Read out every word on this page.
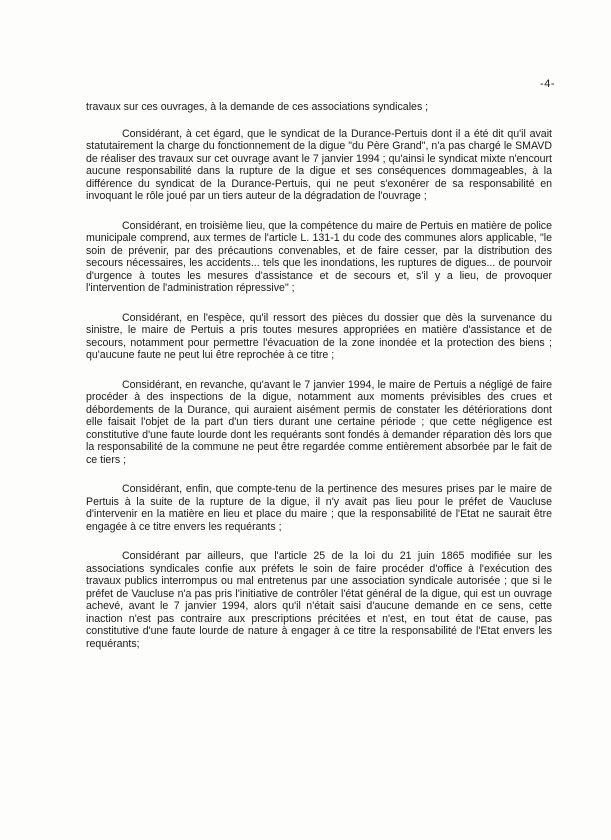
-4-

travaux sur ces ouvrages, à la demande de ces associations syndicales ;

Considérant, à cet égard, que le syndicat de la Durance-Pertuis dont il a été dit qu'il avait statutairement la charge du fonctionnement de la digue "du Père Grand", n'a pas chargé le SMAVD de réaliser des travaux sur cet ouvrage avant le 7 janvier 1994 ; qu'ainsi le syndicat mixte n'encourt aucune responsabilité dans la rupture de la digue et ses conséquences dommageables, à la différence du syndicat de la Durance-Pertuis, qui ne peut s'exonérer de sa responsabilité en invoquant le rôle joué par un tiers auteur de la dégradation de l'ouvrage ;

Considérant, en troisième lieu, que la compétence du maire de Pertuis en matière de police municipale comprend, aux termes de l'article L. 131-1 du code des communes alors applicable, "le soin de prévenir, par des précautions convenables, et de faire cesser, par la distribution des secours nécessaires, les accidents... tels que les inondations, les ruptures de digues... de pourvoir d'urgence à toutes les mesures d'assistance et de secours et, s'il y a lieu, de provoquer l'intervention de l'administration répressive" ;

Considérant, en l'espèce, qu'il ressort des pièces du dossier que dès la survenance du sinistre, le maire de Pertuis a pris toutes mesures appropriées en matière d'assistance et de secours, notamment pour permettre l'évacuation de la zone inondée et la protection des biens ; qu'aucune faute ne peut lui être reprochée à ce titre ;

Considérant, en revanche, qu'avant le 7 janvier 1994, le maire de Pertuis a négligé de faire procéder à des inspections de la digue, notamment aux moments prévisibles des crues et débordements de la Durance, qui auraient aisément permis de constater les détériorations dont elle faisait l'objet de la part d'un tiers durant une certaine période ; que cette négligence est constitutive d'une faute lourde dont les requérants sont fondés à demander réparation dès lors que la responsabilité de la commune ne peut être regardée comme entièrement absorbée par le fait de ce tiers ;

Considérant, enfin, que compte-tenu de la pertinence des mesures prises par le maire de Pertuis à la suite de la rupture de la digue, il n'y avait pas lieu pour le préfet de Vaucluse d'intervenir en la matière en lieu et place du maire ; que la responsabilité de l'Etat ne saurait être engagée à ce titre envers les requérants ;

Considérant par ailleurs, que l'article 25 de la loi du 21 juin 1865 modifiée sur les associations syndicales confie aux préfets le soin de faire procéder d'office à l'exécution des travaux publics interrompus ou mal entretenus par une association syndicale autorisée ; que si le préfet de Vaucluse n'a pas pris l'initiative de contrôler l'état général de la digue, qui est un ouvrage achevé, avant le 7 janvier 1994, alors qu'il n'était saisi d'aucune demande en ce sens, cette inaction n'est pas contraire aux prescriptions précitées et n'est, en tout état de cause, pas constitutive d'une faute lourde de nature à engager à ce titre la responsabilité de l'Etat envers les requérants;
